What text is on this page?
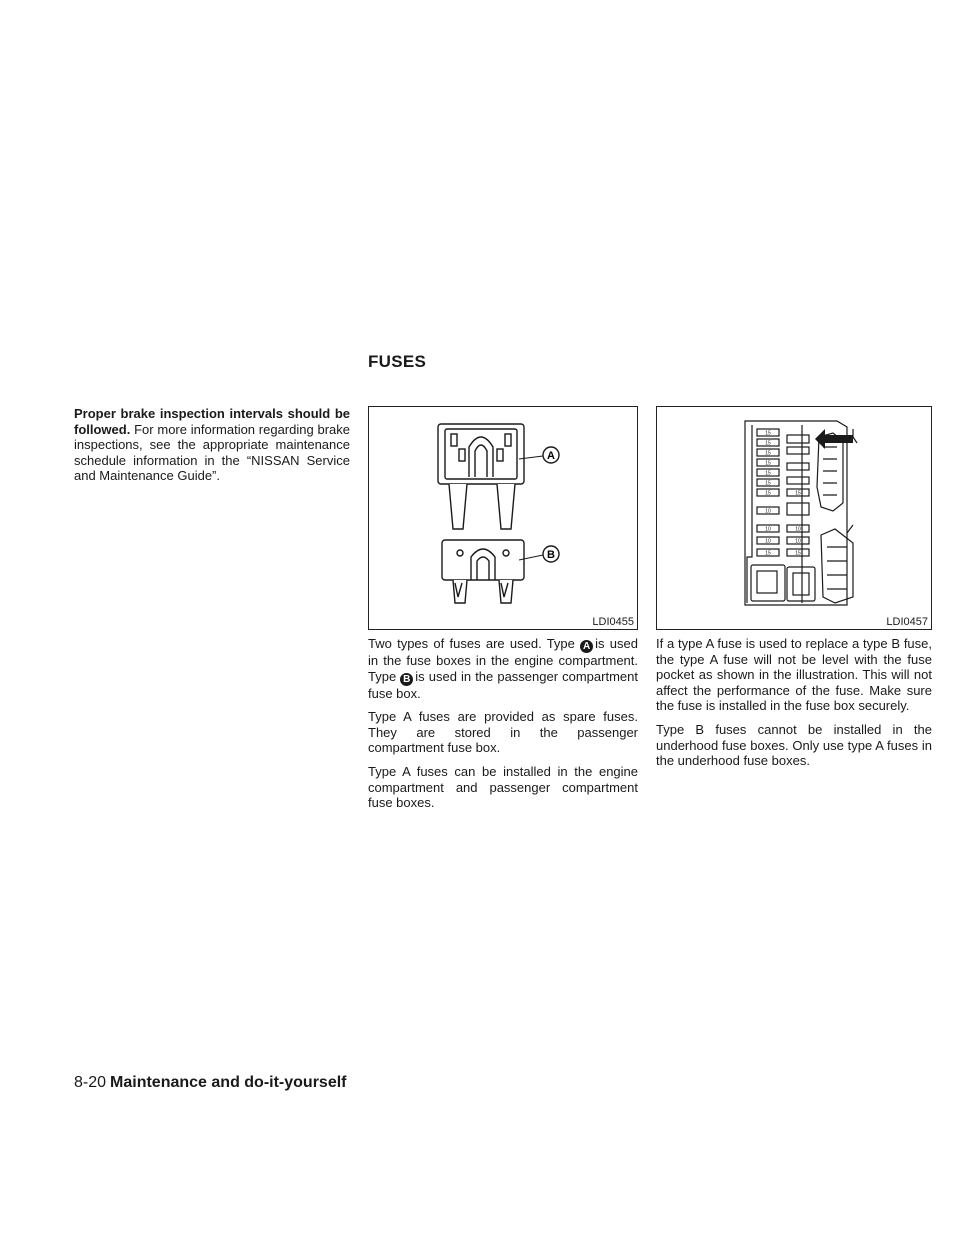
FUSES

Proper brake inspection intervals should be followed. For more information regarding brake inspections, see the appropriate maintenance schedule information in the “NISSAN Service and Maintenance Guide”.

A
B
LDI0455
15
15
15
15
15
15
15
10
10
10
15
15
10
10
15
LDI0457

Two types of fuses are used. Type A is used in the fuse boxes in the engine compartment. Type B is used in the passenger compartment fuse box.

Type A fuses are provided as spare fuses. They are stored in the passenger compartment fuse box.

Type A fuses can be installed in the engine compartment and passenger compartment fuse boxes.

If a type A fuse is used to replace a type B fuse, the type A fuse will not be level with the fuse pocket as shown in the illustration. This will not affect the performance of the fuse. Make sure the fuse is installed in the fuse box securely.

Type B fuses cannot be installed in the underhood fuse boxes. Only use type A fuses in the underhood fuse boxes.

8-20 Maintenance and do-it-yourself
